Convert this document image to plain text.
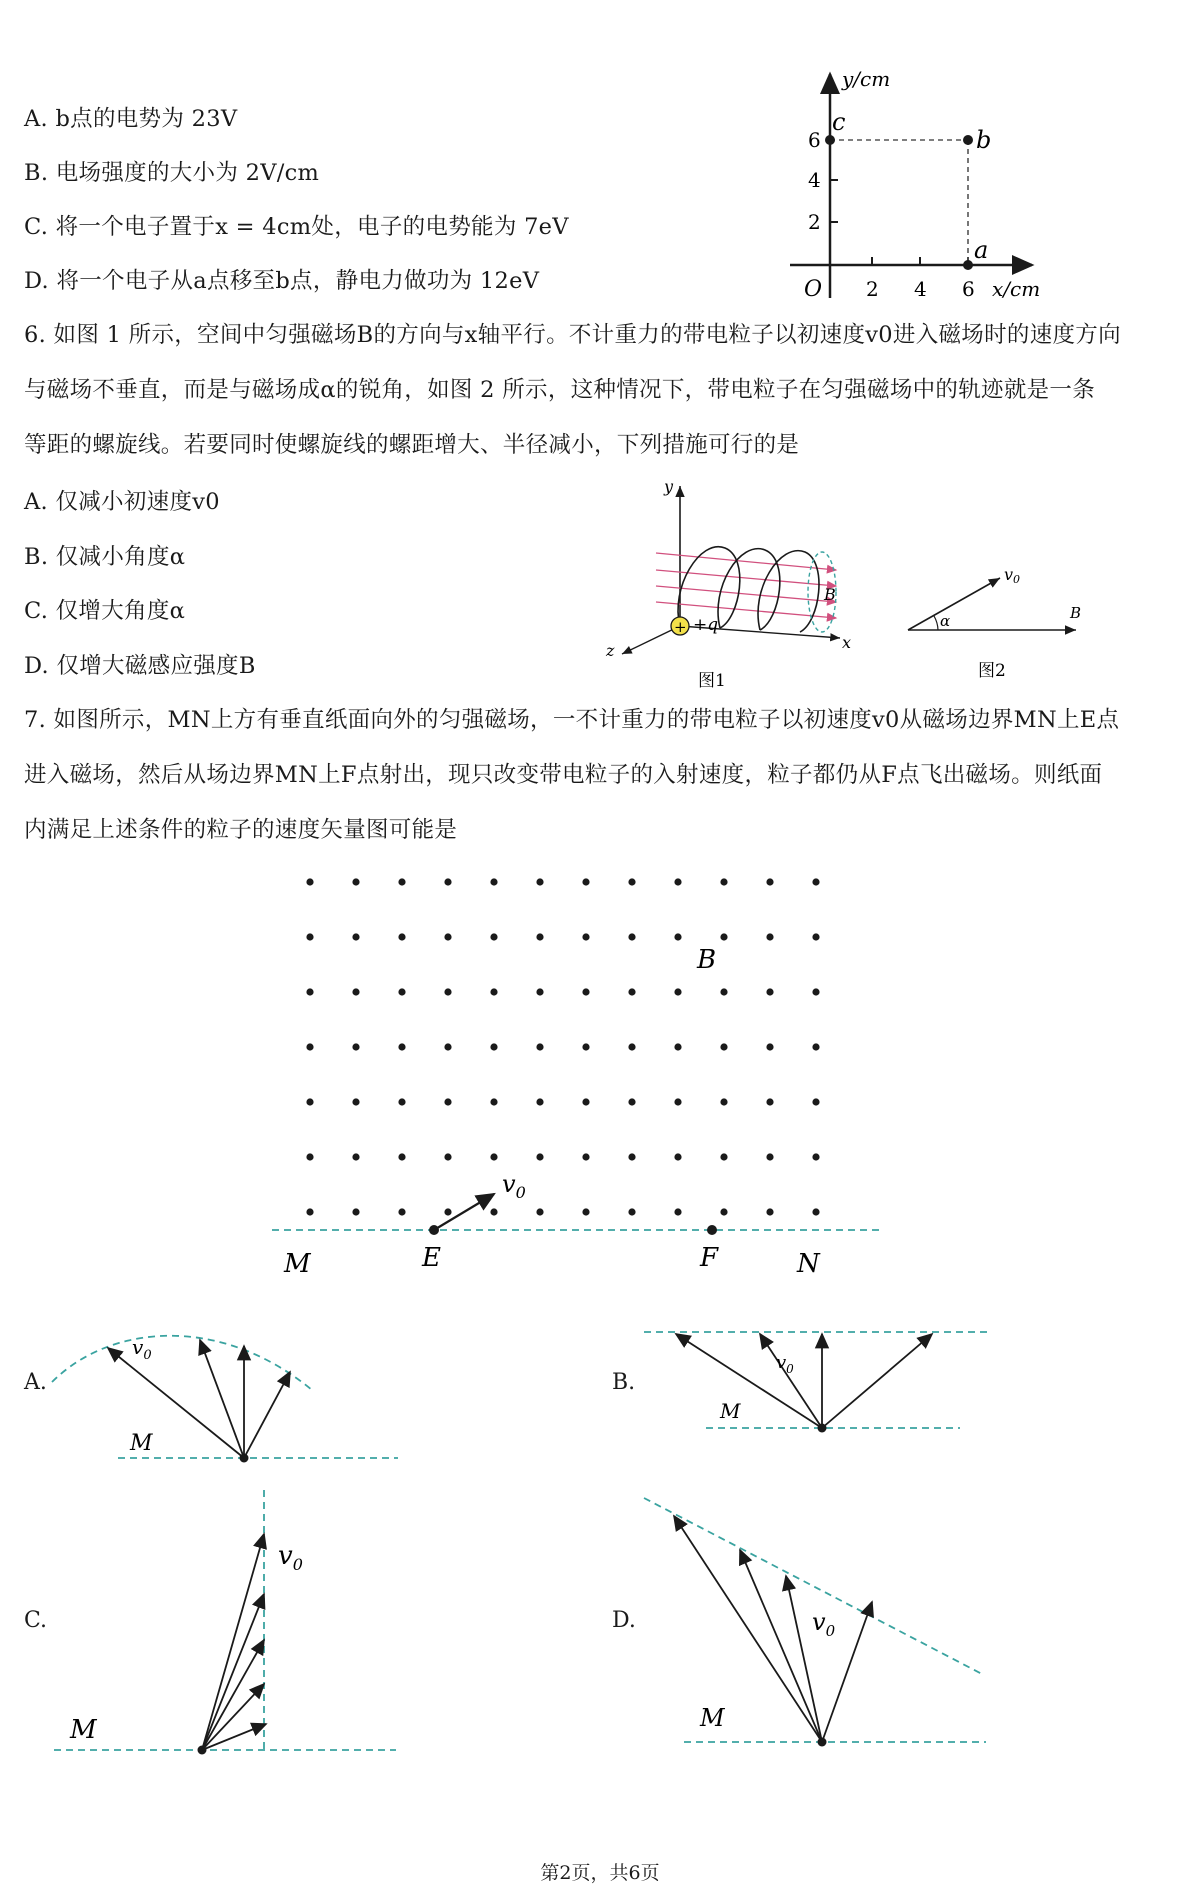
A. b点的电势为 23V
B. 电场强度的大小为 2V/cm
C. 将一个电子置于x = 4cm处，电子的电势能为 7eV
D. 将一个电子从a点移至b点，静电力做功为 12eV
y/cm
x/cm
O 2 4 6
2
4
6
c
b
a
6. 如图 1 所示，空间中匀强磁场B的方向与x轴平行。不计重力的带电粒子以初速度v0进入磁场时的速度方向
与磁场不垂直，而是与磁场成α的锐角，如图 2 所示，这种情况下，带电粒子在匀强磁场中的轨迹就是一条
等距的螺旋线。若要同时使螺旋线的螺距增大、半径减小，下列措施可行的是
A. 仅减小初速度v0
B. 仅减小角度α
C. 仅增大角度α
D. 仅增大磁感应强度B
+ +q
y
x
z
B
图1
v0
α	B
图2
7. 如图所示，MN上方有垂直纸面向外的匀强磁场，一不计重力的带电粒子以初速度v0从磁场边界MN上E点
进入磁场，然后从场边界MN上F点射出，现只改变带电粒子的入射速度，粒子都仍从F点飞出磁场。则纸面
内满足上述条件的粒子的速度矢量图可能是
$v_0$
B
M	E	F	N
A.
$v_0$
M
B.
$v_0$
M
C.
$v_0$
M
D.	$v_0$
M
第2页，共6页
